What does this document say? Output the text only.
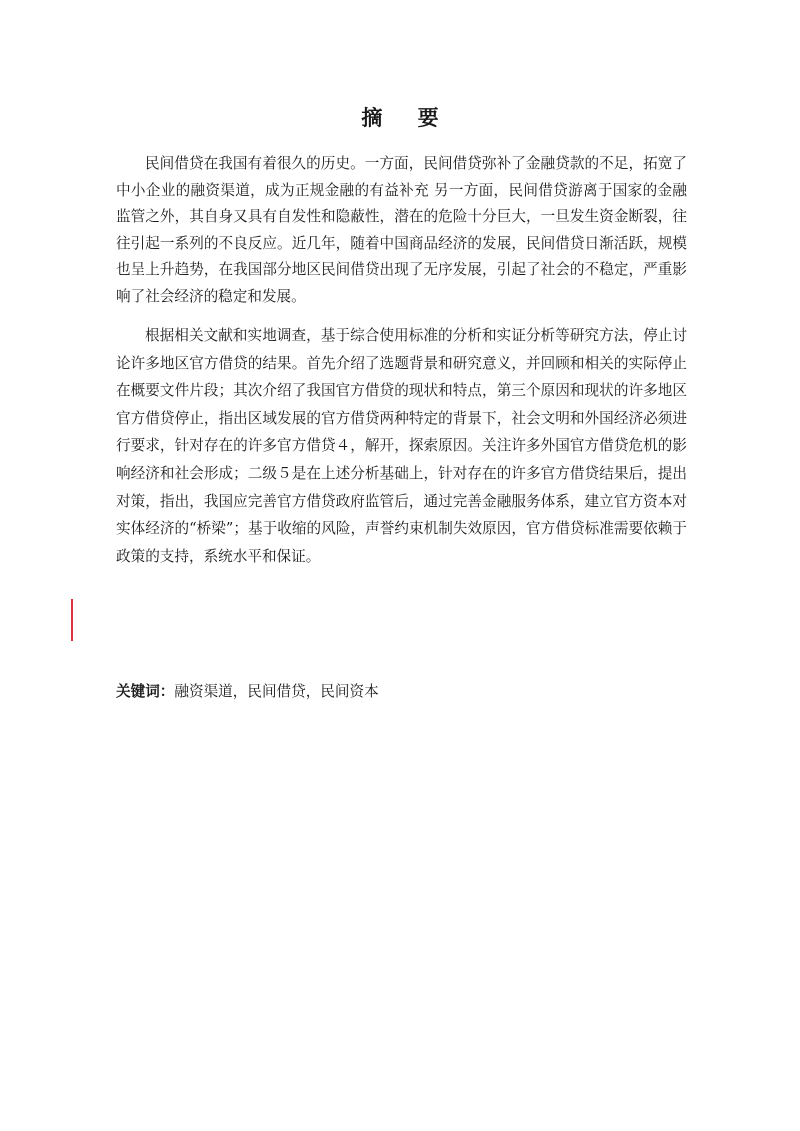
摘 要

民间借贷在我国有着很久的历史。一方面，民间借贷弥补了金融贷款的不足，拓宽了中小企业的融资渠道，成为正规金融的有益补充 另一方面，民间借贷游离于国家的金融监管之外，其自身又具有自发性和隐蔽性，潜在的危险十分巨大，一旦发生资金断裂，往往引起一系列的不良反应。近几年，随着中国商品经济的发展，民间借贷日渐活跃，规模也呈上升趋势，在我国部分地区民间借贷出现了无序发展，引起了社会的不稳定，严重影响了社会经济的稳定和发展。

根据相关文献和实地调查，基于综合使用标准的分析和实证分析等研究方法，停止讨论许多地区官方借贷的结果。首先介绍了选题背景和研究意义，并回顾和相关的实际停止在概要文件片段；其次介绍了我国官方借贷的现状和特点，第三个原因和现状的许多地区官方借贷停止，指出区域发展的官方借贷两种特定的背景下，社会文明和外国经济必须进行要求，针对存在的许多官方借贷４，解开，探索原因。关注许多外国官方借贷危机的影响经济和社会形成；二级５是在上述分析基础上，针对存在的许多官方借贷结果后，提出对策，指出，我国应完善官方借贷政府监管后，通过完善金融服务体系，建立官方资本对实体经济的“桥梁”；基于收缩的风险，声誉约束机制失效原因，官方借贷标准需要依赖于政策的支持，系统水平和保证。

关键词：融资渠道，民间借贷，民间资本
